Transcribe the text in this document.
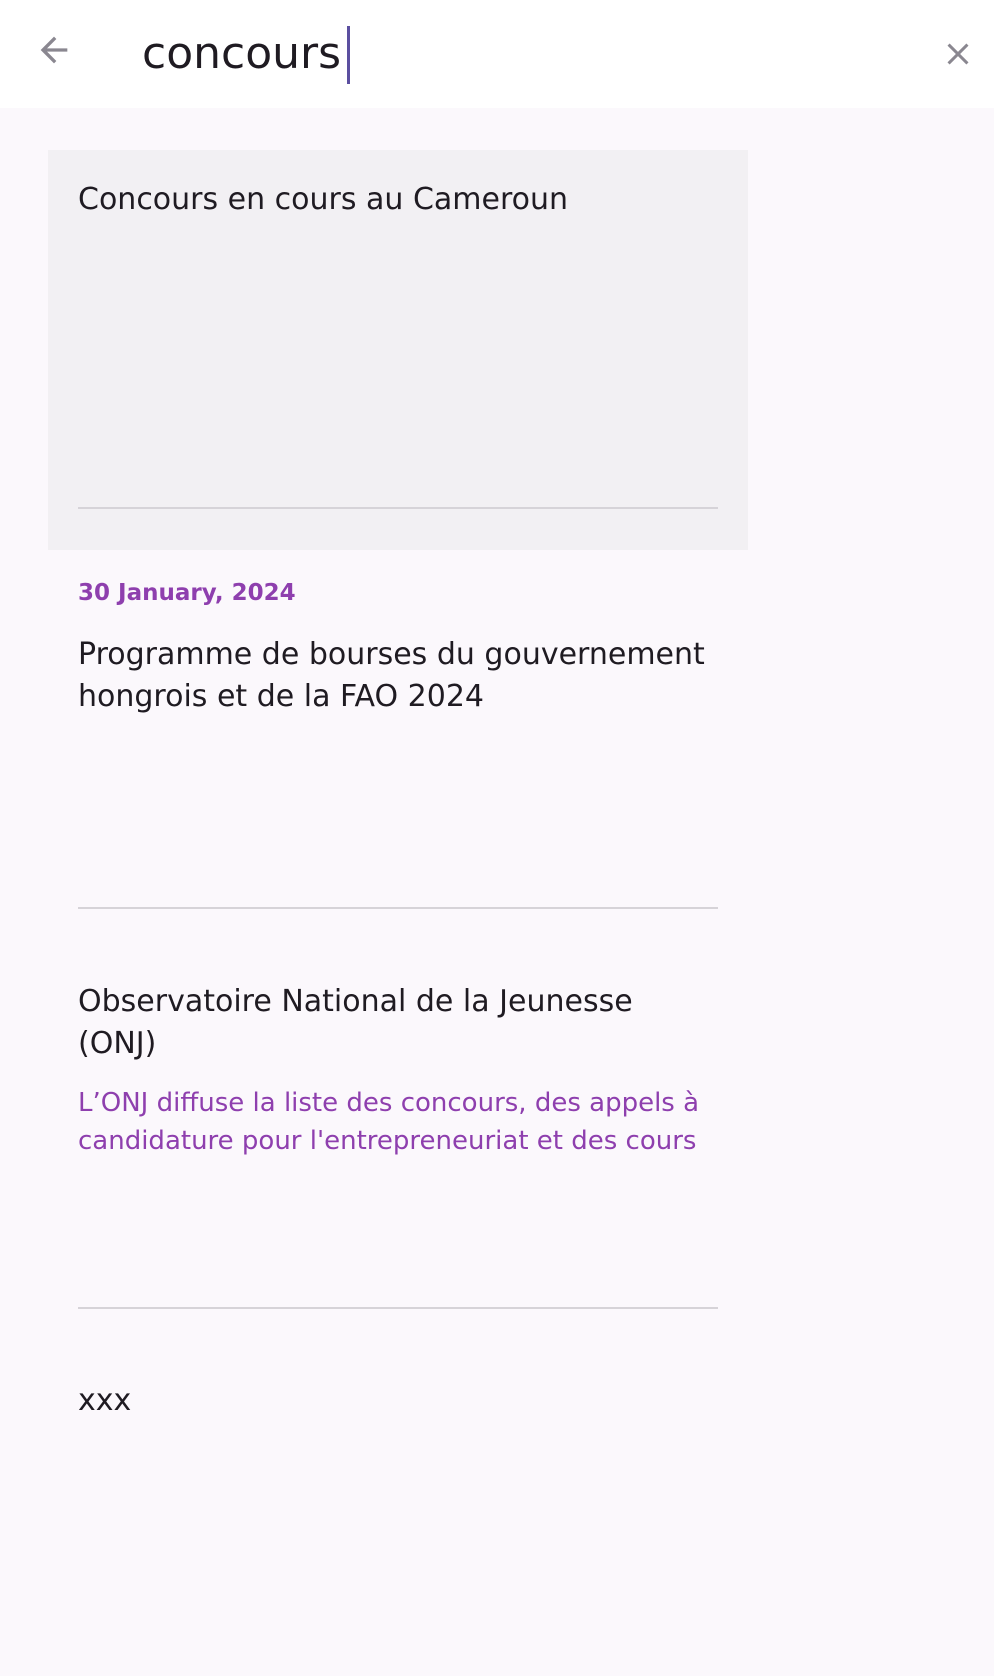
concours
Concours en cours au Cameroun
30 January, 2024
Programme de bourses du gouvernement hongrois et de la FAO 2024
Observatoire National de la Jeunesse (ONJ)
L’ONJ diffuse la liste des concours, des appels à candidature pour l'entrepreneuriat et des cours
xxx
